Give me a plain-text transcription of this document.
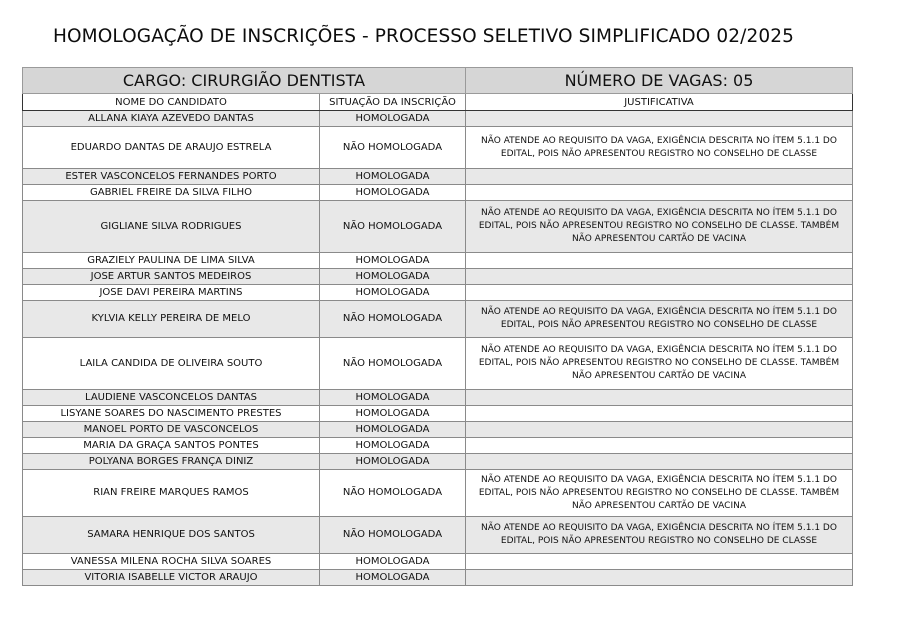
HOMOLOGAÇÃO DE INSCRIÇÕES - PROCESSO SELETIVO SIMPLIFICADO 02/2025
CARGO: CIRURGIÃO DENTISTA		NÚMERO DE VAGAS: 05
NOME DO CANDIDATO	SITUAÇÃO DA INSCRIÇÃO	JUSTIFICATIVA
ALLANA KIAYA AZEVEDO DANTAS	HOMOLOGADA	
EDUARDO DANTAS DE ARAUJO ESTRELA	NÃO HOMOLOGADA	NÃO ATENDE AO REQUISITO DA VAGA, EXIGÊNCIA DESCRITA NO ÍTEM 5.1.1 DO EDITAL, POIS NÃO APRESENTOU REGISTRO NO CONSELHO DE CLASSE
ESTER VASCONCELOS FERNANDES PORTO	HOMOLOGADA	
GABRIEL FREIRE DA SILVA FILHO	HOMOLOGADA	
GIGLIANE SILVA RODRIGUES	NÃO HOMOLOGADA	NÃO ATENDE AO REQUISITO DA VAGA, EXIGÊNCIA DESCRITA NO ÍTEM 5.1.1 DO EDITAL, POIS NÃO APRESENTOU REGISTRO NO CONSELHO DE CLASSE. TAMBÉM NÃO APRESENTOU CARTÃO DE VACINA
GRAZIELY PAULINA DE LIMA SILVA	HOMOLOGADA	
JOSE ARTUR SANTOS MEDEIROS	HOMOLOGADA	
JOSE DAVI PEREIRA MARTINS	HOMOLOGADA	
KYLVIA KELLY PEREIRA DE MELO	NÃO HOMOLOGADA	NÃO ATENDE AO REQUISITO DA VAGA, EXIGÊNCIA DESCRITA NO ÍTEM 5.1.1 DO EDITAL, POIS NÃO APRESENTOU REGISTRO NO CONSELHO DE CLASSE
LAILA CANDIDA DE OLIVEIRA SOUTO	NÃO HOMOLOGADA	NÃO ATENDE AO REQUISITO DA VAGA, EXIGÊNCIA DESCRITA NO ÍTEM 5.1.1 DO EDITAL, POIS NÃO APRESENTOU REGISTRO NO CONSELHO DE CLASSE. TAMBÉM NÃO APRESENTOU CARTÃO DE VACINA
LAUDIENE VASCONCELOS DANTAS	HOMOLOGADA	
LISYANE SOARES DO NASCIMENTO PRESTES	HOMOLOGADA	
MANOEL PORTO DE VASCONCELOS	HOMOLOGADA	
MARIA DA GRAÇA SANTOS PONTES	HOMOLOGADA	
POLYANA BORGES FRANÇA DINIZ	HOMOLOGADA	
RIAN FREIRE MARQUES RAMOS	NÃO HOMOLOGADA	NÃO ATENDE AO REQUISITO DA VAGA, EXIGÊNCIA DESCRITA NO ÍTEM 5.1.1 DO EDITAL, POIS NÃO APRESENTOU REGISTRO NO CONSELHO DE CLASSE. TAMBÉM NÃO APRESENTOU CARTÃO DE VACINA
SAMARA HENRIQUE DOS SANTOS	NÃO HOMOLOGADA	NÃO ATENDE AO REQUISITO DA VAGA, EXIGÊNCIA DESCRITA NO ÍTEM 5.1.1 DO EDITAL, POIS NÃO APRESENTOU REGISTRO NO CONSELHO DE CLASSE
VANESSA MILENA ROCHA SILVA SOARES	HOMOLOGADA	
VITORIA ISABELLE VICTOR ARAUJO	HOMOLOGADA	
